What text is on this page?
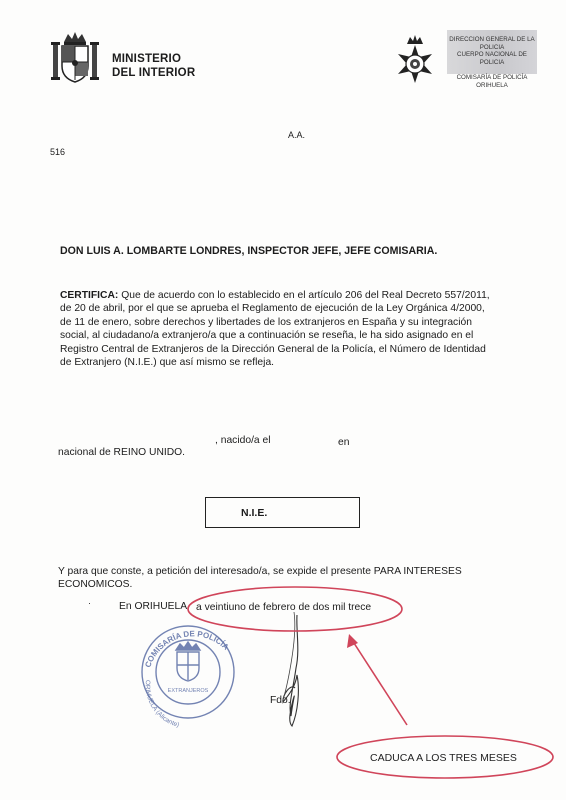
MINISTERIO
DEL INTERIOR
DIRECCION GENERAL DE LA
POLICIA
CUERPO NACIONAL DE
POLICIA
COMISARÍA DE POLICÍA
ORIHUELA
A.A.
516
DON LUIS A. LOMBARTE LONDRES, INSPECTOR JEFE, JEFE COMISARIA.
CERTIFICA: Que de acuerdo con lo establecido en el artículo 206 del Real Decreto 557/2011,
de 20 de abril, por el que se aprueba el Reglamento de ejecución de la Ley Orgánica 4/2000,
de 11 de enero, sobre derechos y libertades de los extranjeros en España y su integración
social, al ciudadano/a extranjero/a que a continuación se reseña, le ha sido asignado en el
Registro Central de Extranjeros de la Dirección General de la Policía, el Número de Identidad
de Extranjero (N.I.E.) que así mismo se refleja.
, nacido/a el	en
nacional de REINO UNIDO.
N.I.E.
Y para que conste, a petición del interesado/a, se expide el presente PARA INTERESES
ECONOMICOS.
En ORIHUELA a veintiuno de febrero de dos mil trece
·
Fdo.
CADUCA A LOS TRES MESES
COMISARÍA DE POLICÍA
EXTRANJEROS
ORIHUELA (Alicante)
